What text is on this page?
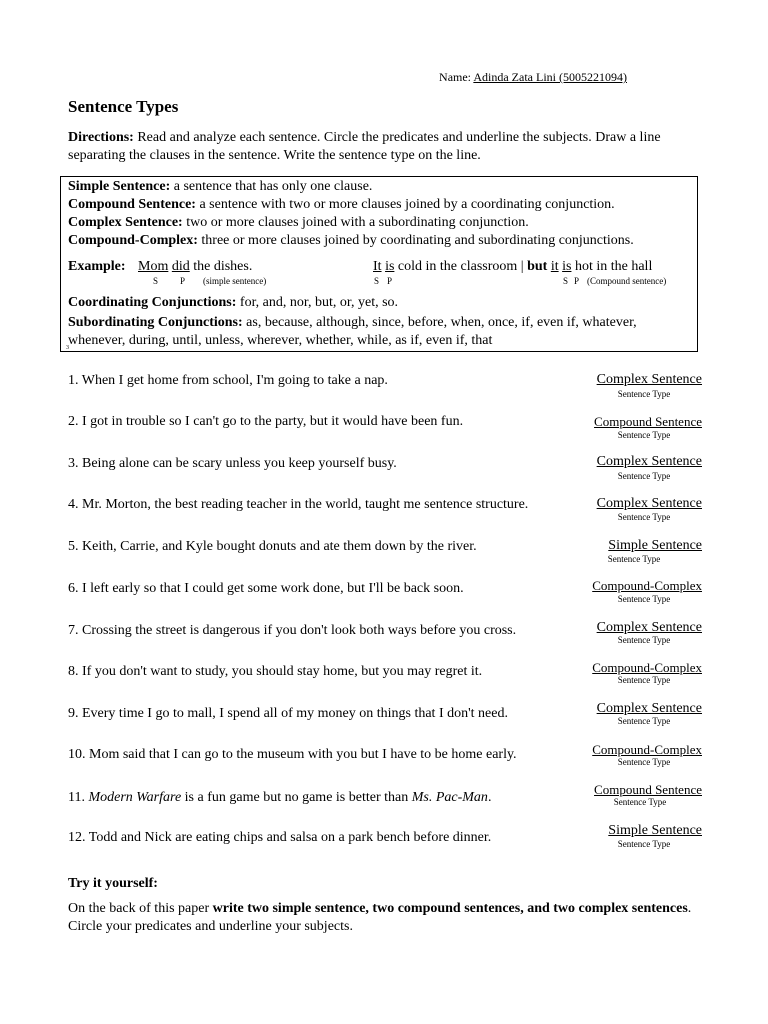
Name: Adinda Zata Lini (5005221094)
Sentence Types
Directions: Read and analyze each sentence. Circle the predicates and underline the subjects. Draw a line separating the clauses in the sentence. Write the sentence type on the line.
Simple Sentence: a sentence that has only one clause.
Compound Sentence: a sentence with two or more clauses joined by a coordinating conjunction.
Complex Sentence: two or more clauses joined with a subordinating conjunction.
Compound-Complex: three or more clauses joined by coordinating and subordinating conjunctions.
Example: Mom did the dishes.
S P (simple sentence)
It is cold in the classroom | but it is hot in the hall
S P	S P (Compound sentence)
Coordinating Conjunctions: for, and, nor, but, or, yet, so.
Subordinating Conjunctions: as, because, although, since, before, when, once, if, even if, whatever, whenever, during, until, unless, wherever, whether, while, as if, even if, that
3
1. When I get home from school, I'm going to take a nap.	Complex Sentence
Sentence Type
2. I got in trouble so I can't go to the party, but it would have been fun.	Compound Sentence
Sentence Type
3. Being alone can be scary unless you keep yourself busy.	Complex Sentence
Sentence Type
4. Mr. Morton, the best reading teacher in the world, taught me sentence structure.	Complex Sentence
Sentence Type
5. Keith, Carrie, and Kyle bought donuts and ate them down by the river.	Simple Sentence
Sentence Type
6. I left early so that I could get some work done, but I'll be back soon.	Compound-Complex
Sentence Type
7. Crossing the street is dangerous if you don't look both ways before you cross.	Complex Sentence
Sentence Type
8. If you don't want to study, you should stay home, but you may regret it.	Compound-Complex
Sentence Type
9. Every time I go to mall, I spend all of my money on things that I don't need.	Complex Sentence
Sentence Type
10. Mom said that I can go to the museum with you but I have to be home early.	Compound-Complex
Sentence Type
11. Modern Warfare is a fun game but no game is better than Ms. Pac-Man.
Compound Sentence
Sentence Type
12. Todd and Nick are eating chips and salsa on a park bench before dinner.	Simple Sentence
Sentence Type
Try it yourself:
On the back of this paper write two simple sentence, two compound sentences, and two complex sentences. Circle your predicates and underline your subjects.
